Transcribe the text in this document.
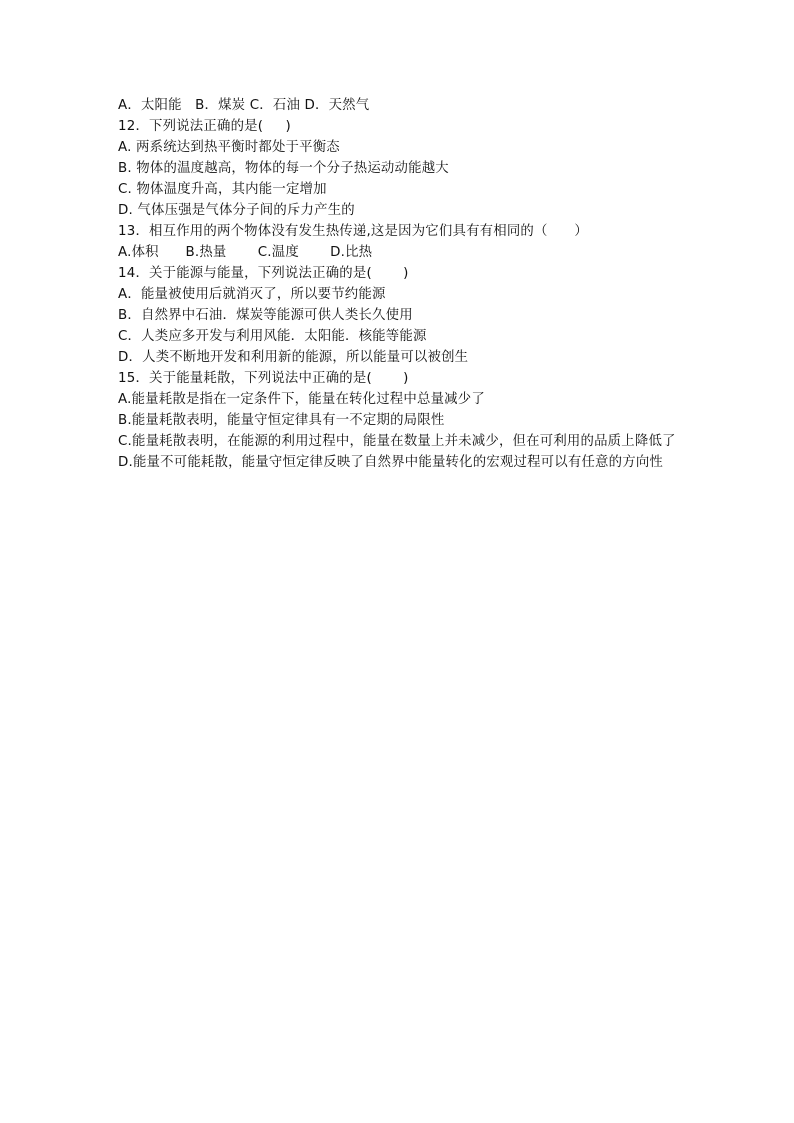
A．太阳能   B．煤炭 C．石油 D．天然气
12．下列说法正确的是(     )
A. 两系统达到热平衡时都处于平衡态
B. 物体的温度越高，物体的每一个分子热运动动能越大
C. 物体温度升高，其内能一定增加
D. 气体压强是气体分子间的斥力产生的
13．相互作用的两个物体没有发生热传递,这是因为它们具有有相同的（      ）
A.体积      B.热量       C.温度       D.比热
14．关于能源与能量，下列说法正确的是(       )
A．能量被使用后就消灭了，所以要节约能源
B．自然界中石油．煤炭等能源可供人类长久使用
C．人类应多开发与利用风能．太阳能．核能等能源
D．人类不断地开发和利用新的能源，所以能量可以被创生
15．关于能量耗散，下列说法中正确的是(       )
A.能量耗散是指在一定条件下，能量在转化过程中总量减少了
B.能量耗散表明，能量守恒定律具有一不定期的局限性
C.能量耗散表明，在能源的利用过程中，能量在数量上并未减少，但在可利用的品质上降低了
D.能量不可能耗散，能量守恒定律反映了自然界中能量转化的宏观过程可以有任意的方向性
